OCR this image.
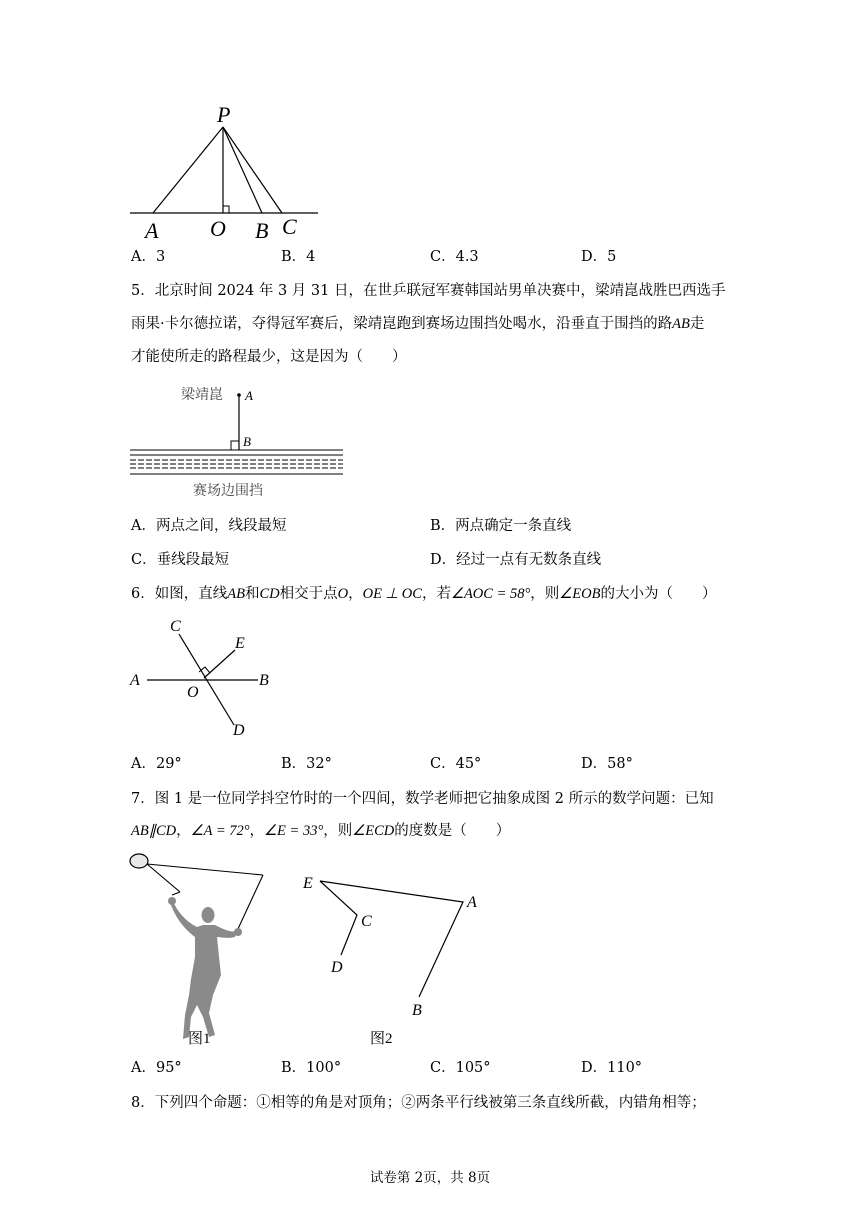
P
A O B C
A．3	B．4	C．4.3	D．5
5．北京时间 2024 年 3 月 31 日，在世乒联冠军赛韩国站男单决赛中，梁靖崑战胜巴西选手
雨果·卡尔德拉诺，夺得冠军赛后，梁靖崑跑到赛场边围挡处喝水，沿垂直于围挡的路AB走
才能使所走的路程最少，这是因为（　　）
梁靖崑 A
B
赛场边围挡
A．两点之间，线段最短	B．两点确定一条直线
C．垂线段最短	D．经过一点有无数条直线
6．如图，直线AB和CD相交于点O，OE ⊥ OC，若∠AOC = 58°，则∠EOB的大小为（　　）
C
E
A
O
B
D
A．29°	B．32°	C．45°	D．58°
7．图 1 是一位同学抖空竹时的一个四间，数学老师把它抽象成图 2 所示的数学问题：已知
AB∥CD，∠A = 72°，∠E = 33°，则∠ECD的度数是（　　）
图1
E
C
A
D
B
图2
A．95°	B．100°	C．105°	D．110°
8．下列四个命题：①相等的角是对顶角；②两条平行线被第三条直线所截，内错角相等；
试卷第 2页，共 8页
